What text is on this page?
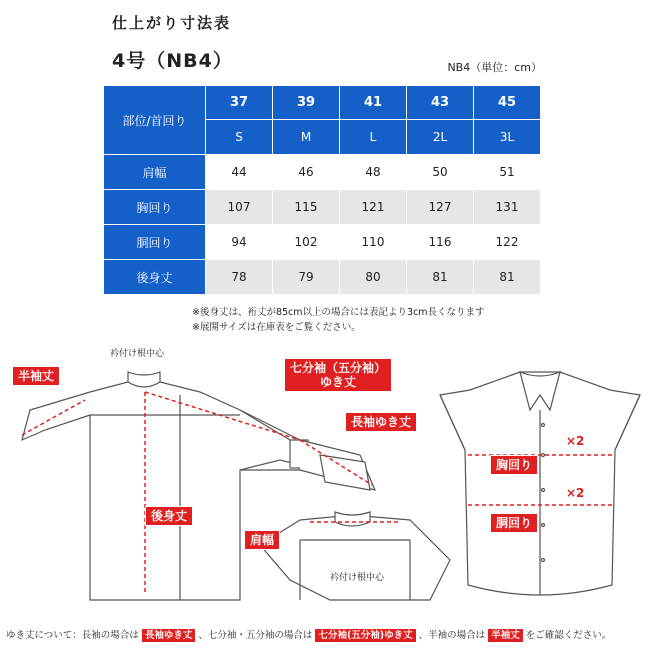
仕上がり寸法表
4号（NB4）	NB4（単位：cm）
部位/首回り	37	39	41	43	45
	S	M	L	2L	3L
肩幅	44	46	48	50	51
胸回り	107	115	121	127	131
胴回り	94	102	110	116	122
後身丈	78	79	80	81	81
※後身丈は、裄丈が85cm以上の場合には表記より3cm長くなります
※展開サイズは在庫表をご覧ください。
衿付け根中心
衿付け根中心
半袖丈
七分袖（五分袖）
ゆき丈
長袖ゆき丈
後身丈
肩幅
胸回り
胴回り
×2
×2
ゆき丈について：長袖の場合は 長袖ゆき丈 、七分袖・五分袖の場合は 七分袖(五分袖)ゆき丈 、半袖の場合は 半袖丈 をご確認ください。
